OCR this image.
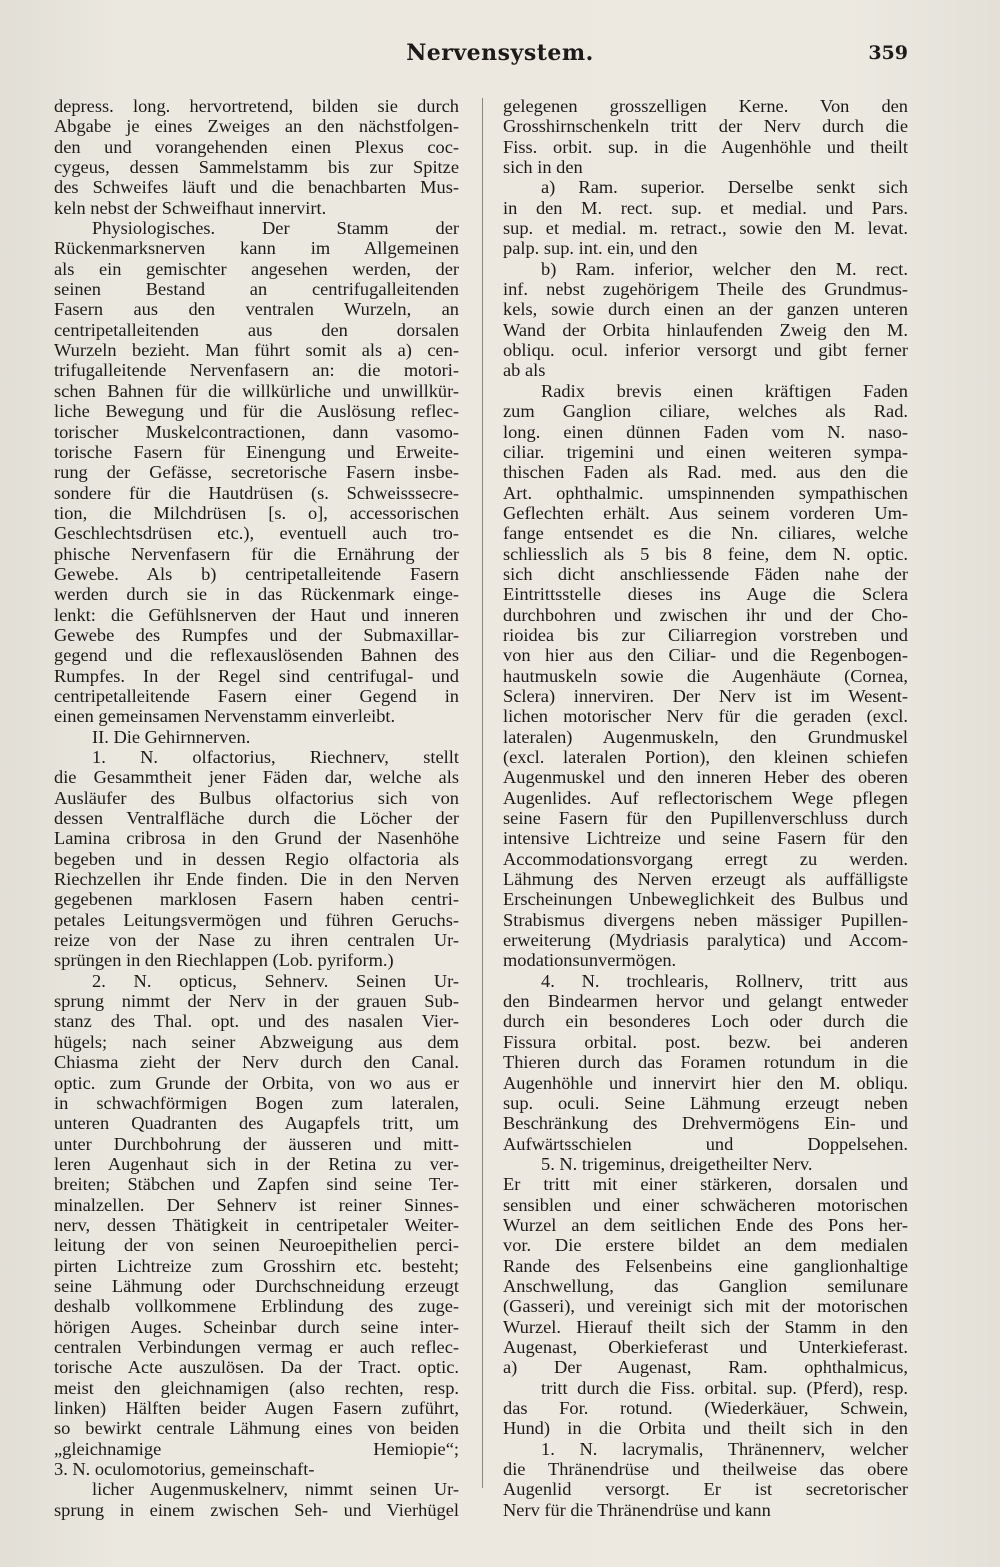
Nervensystem.	359
depress. long. hervortretend, bilden sie durch
Abgabe je eines Zweiges an den nächstfolgen-
den und vorangehenden einen Plexus coc-
cygeus, dessen Sammelstamm bis zur Spitze
des Schweifes läuft und die benachbarten Mus-
keln nebst der Schweifhaut innervirt.
Physiologisches. Der Stamm der
Rückenmarksnerven kann im Allgemeinen
als ein gemischter angesehen werden, der
seinen Bestand an centrifugalleitenden
Fasern aus den ventralen Wurzeln, an
centripetalleitenden aus den dorsalen
Wurzeln bezieht. Man führt somit als a) cen-
trifugalleitende Nervenfasern an: die motori-
schen Bahnen für die willkürliche und unwillkür-
liche Bewegung und für die Auslösung reflec-
torischer Muskelcontractionen, dann vasomo-
torische Fasern für Einengung und Erweite-
rung der Gefässe, secretorische Fasern insbe-
sondere für die Hautdrüsen (s. Schweisssecre-
tion, die Milchdrüsen [s. o], accessorischen
Geschlechtsdrüsen etc.), eventuell auch tro-
phische Nervenfasern für die Ernährung der
Gewebe. Als b) centripetalleitende Fasern
werden durch sie in das Rückenmark einge-
lenkt: die Gefühlsnerven der Haut und inneren
Gewebe des Rumpfes und der Submaxillar-
gegend und die reflexauslösenden Bahnen des
Rumpfes. In der Regel sind centrifugal- und
centripetalleitende Fasern einer Gegend in
einen gemeinsamen Nervenstamm einverleibt.
II. Die Gehirnnerven.
1. N. olfactorius, Riechnerv, stellt
die Gesammtheit jener Fäden dar, welche als
Ausläufer des Bulbus olfactorius sich von
dessen Ventralfläche durch die Löcher der
Lamina cribrosa in den Grund der Nasenhöhe
begeben und in dessen Regio olfactoria als
Riechzellen ihr Ende finden. Die in den Nerven
gegebenen marklosen Fasern haben centri-
petales Leitungsvermögen und führen Geruchs-
reize von der Nase zu ihren centralen Ur-
sprüngen in den Riechlappen (Lob. pyriform.)
2. N. opticus, Sehnerv. Seinen Ur-
sprung nimmt der Nerv in der grauen Sub-
stanz des Thal. opt. und des nasalen Vier-
hügels; nach seiner Abzweigung aus dem
Chiasma zieht der Nerv durch den Canal.
optic. zum Grunde der Orbita, von wo aus er
in schwachförmigen Bogen zum lateralen,
unteren Quadranten des Augapfels tritt, um
unter Durchbohrung der äusseren und mitt-
leren Augenhaut sich in der Retina zu ver-
breiten; Stäbchen und Zapfen sind seine Ter-
minalzellen. Der Sehnerv ist reiner Sinnes-
nerv, dessen Thätigkeit in centripetaler Weiter-
leitung der von seinen Neuroepithelien perci-
pirten Lichtreize zum Grosshirn etc. besteht;
seine Lähmung oder Durchschneidung erzeugt
deshalb vollkommene Erblindung des zuge-
hörigen Auges. Scheinbar durch seine inter-
centralen Verbindungen vermag er auch reflec-
torische Acte auszulösen. Da der Tract. optic.
meist den gleichnamigen (also rechten, resp.
linken) Hälften beider Augen Fasern zuführt,
so bewirkt centrale Lähmung eines von beiden
„gleichnamige Hemiopie“;
3. N. oculomotorius, gemeinschaft-
licher Augenmuskelnerv, nimmt seinen Ur-
sprung in einem zwischen Seh- und Vierhügel
gelegenen grosszelligen Kerne. Von den
Grosshirnschenkeln tritt der Nerv durch die
Fiss. orbit. sup. in die Augenhöhle und theilt
sich in den
a) Ram. superior. Derselbe senkt sich
in den M. rect. sup. et medial. und Pars.
sup. et medial. m. retract., sowie den M. levat.
palp. sup. int. ein, und den
b) Ram. inferior, welcher den M. rect.
inf. nebst zugehörigem Theile des Grundmus-
kels, sowie durch einen an der ganzen unteren
Wand der Orbita hinlaufenden Zweig den M.
obliqu. ocul. inferior versorgt und gibt ferner
ab als
Radix brevis einen kräftigen Faden
zum Ganglion ciliare, welches als Rad.
long. einen dünnen Faden vom N. naso-
ciliar. trigemini und einen weiteren sympa-
thischen Faden als Rad. med. aus den die
Art. ophthalmic. umspinnenden sympathischen
Geflechten erhält. Aus seinem vorderen Um-
fange entsendet es die Nn. ciliares, welche
schliesslich als 5 bis 8 feine, dem N. optic.
sich dicht anschliessende Fäden nahe der
Eintrittsstelle dieses ins Auge die Sclera
durchbohren und zwischen ihr und der Cho-
rioidea bis zur Ciliarregion vorstreben und
von hier aus den Ciliar- und die Regenbogen-
hautmuskeln sowie die Augenhäute (Cornea,
Sclera) innerviren. Der Nerv ist im Wesent-
lichen motorischer Nerv für die geraden (excl.
lateralen) Augenmuskeln, den Grundmuskel
(excl. lateralen Portion), den kleinen schiefen
Augenmuskel und den inneren Heber des oberen
Augenlides. Auf reflectorischem Wege pflegen
seine Fasern für den Pupillenverschluss durch
intensive Lichtreize und seine Fasern für den
Accommodationsvorgang erregt zu werden.
Lähmung des Nerven erzeugt als auffälligste
Erscheinungen Unbeweglichkeit des Bulbus und
Strabismus divergens neben mässiger Pupillen-
erweiterung (Mydriasis paralytica) und Accom-
modationsunvermögen.
4. N. trochlearis, Rollnerv, tritt aus
den Bindearmen hervor und gelangt entweder
durch ein besonderes Loch oder durch die
Fissura orbital. post. bezw. bei anderen
Thieren durch das Foramen rotundum in die
Augenhöhle und innervirt hier den M. obliqu.
sup. oculi. Seine Lähmung erzeugt neben
Beschränkung des Drehvermögens Ein- und
Aufwärtsschielen und Doppelsehen.
5. N. trigeminus, dreigetheilter Nerv.
Er tritt mit einer stärkeren, dorsalen und
sensiblen und einer schwächeren motorischen
Wurzel an dem seitlichen Ende des Pons her-
vor. Die erstere bildet an dem medialen
Rande des Felsenbeins eine ganglionhaltige
Anschwellung, das Ganglion semilunare
(Gasseri), und vereinigt sich mit der motorischen
Wurzel. Hierauf theilt sich der Stamm in den
Augenast, Oberkieferast und Unterkieferast.
a) Der Augenast, Ram. ophthalmicus,
tritt durch die Fiss. orbital. sup. (Pferd), resp.
das For. rotund. (Wiederkäuer, Schwein,
Hund) in die Orbita und theilt sich in den
1. N. lacrymalis, Thränennerv, welcher
die Thränendrüse und theilweise das obere
Augenlid versorgt. Er ist secretorischer
Nerv für die Thränendrüse und kann
